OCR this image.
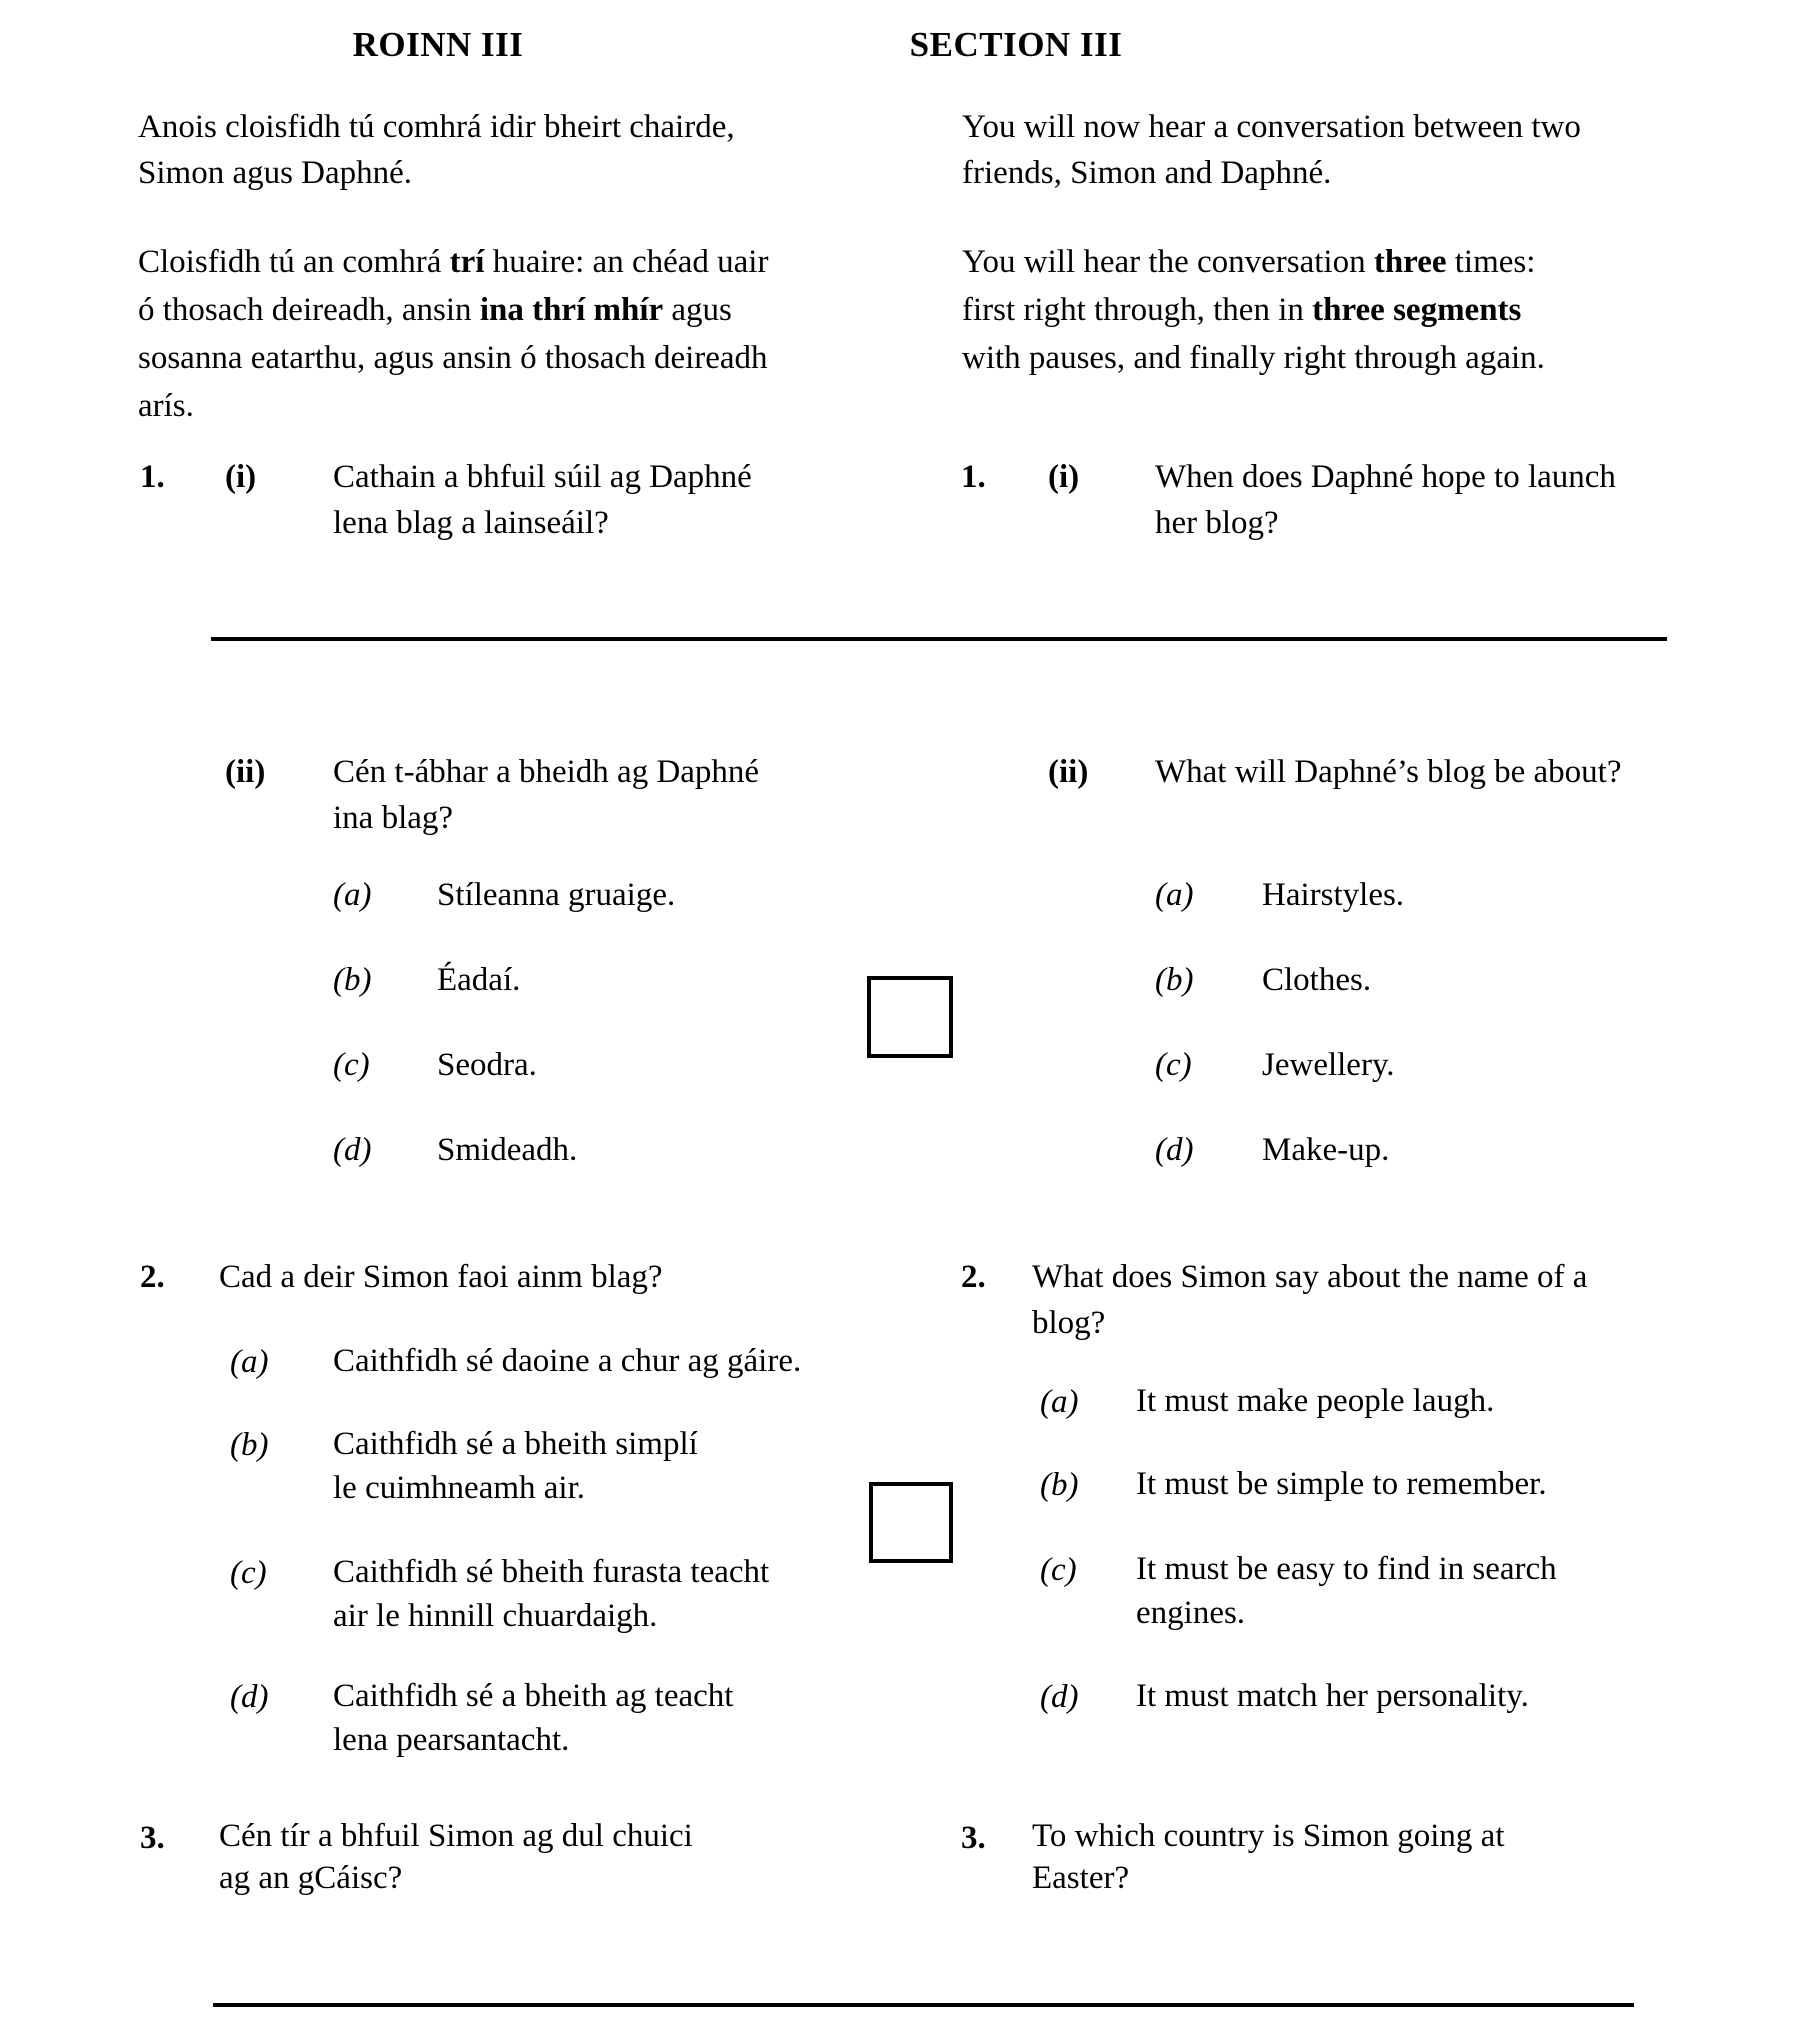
ROINN III	SECTION III
Anois cloisfidh tú comhrá idir bheirt chairde,
Simon agus Daphné.
You will now hear a conversation between two
friends, Simon and Daphné.
Cloisfidh tú an comhrá trí huaire: an chéad uair
ó thosach deireadh, ansin ina thrí mhír agus
sosanna eatarthu, agus ansin ó thosach deireadh
arís.
You will hear the conversation three times:
first right through, then in three segments
with pauses, and finally right through again.
1. (i) Cathain a bhfuil súil ag Daphné
lena blag a lainseáil?
1. (i) When does Daphné hope to launch
her blog?
(ii) Cén t-ábhar a bheidh ag Daphné
ina blag?
(ii) What will Daphné’s blog be about?
(a) Stíleanna gruaige.
(b) Éadaí.
(c) Seodra.
(d) Smideadh.
(a) Hairstyles.
(b) Clothes.
(c) Jewellery.
(d) Make-up.
2. Cad a deir Simon faoi ainm blag?	2. What does Simon say about the name of a
blog?
(a) Caithfidh sé daoine a chur ag gáire.
(b) Caithfidh sé a bheith simplí
le cuimhneamh air.
(c) Caithfidh sé bheith furasta teacht
air le hinnill chuardaigh.
(d) Caithfidh sé a bheith ag teacht
lena pearsantacht.
(a) It must make people laugh.
(b) It must be simple to remember.
(c) It must be easy to find in search
engines.
(d) It must match her personality.
3. Cén tír a bhfuil Simon ag dul chuici
ag an gCáisc?
3. To which country is Simon going at
Easter?
